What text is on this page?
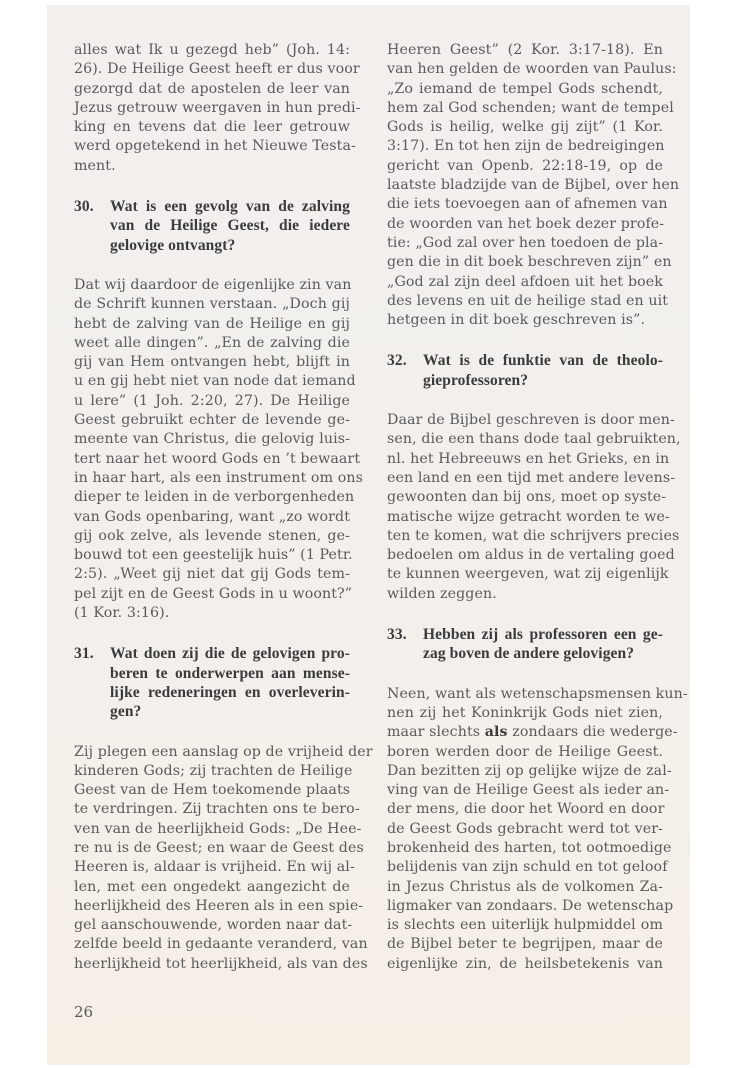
alles wat Ik u gezegd heb” (Joh. 14:
26). De Heilige Geest heeft er dus voor
gezorgd dat de apostelen de leer van
Jezus getrouw weergaven in hun predi-
king en tevens dat die leer getrouw
werd opgetekend in het Nieuwe Testa-
ment.
30.	Wat is een gevolg van de zalving
van de Heilige Geest, die iedere
gelovige ontvangt?
Dat wij daardoor de eigenlijke zin van
de Schrift kunnen verstaan. „Doch gij
hebt de zalving van de Heilige en gij
weet alle dingen”. „En de zalving die
gij van Hem ontvangen hebt, blijft in
u en gij hebt niet van node dat iemand
u lere” (1 Joh. 2:20, 27). De Heilige
Geest gebruikt echter de levende ge-
meente van Christus, die gelovig luis-
tert naar het woord Gods en ’t bewaart
in haar hart, als een instrument om ons
dieper te leiden in de verborgenheden
van Gods openbaring, want „zo wordt
gij ook zelve, als levende stenen, ge-
bouwd tot een geestelijk huis” (1 Petr.
2:5). „Weet gij niet dat gij Gods tem-
pel zijt en de Geest Gods in u woont?”
(1 Kor. 3:16).
31.	Wat doen zij die de gelovigen pro-
beren te onderwerpen aan mense-
lijke redeneringen en overleverin-
gen?
Zij plegen een aanslag op de vrijheid der
kinderen Gods; zij trachten de Heilige
Geest van de Hem toekomende plaats
te verdringen. Zij trachten ons te bero-
ven van de heerlijkheid Gods: „De Hee-
re nu is de Geest; en waar de Geest des
Heeren is, aldaar is vrijheid. En wij al-
len, met een ongedekt aangezicht de
heerlijkheid des Heeren als in een spie-
gel aanschouwende, worden naar dat-
zelfde beeld in gedaante veranderd, van
heerlijkheid tot heerlijkheid, als van des
Heeren Geest” (2 Kor. 3:17-18). En
van hen gelden de woorden van Paulus:
„Zo iemand de tempel Gods schendt,
hem zal God schenden; want de tempel
Gods is heilig, welke gij zijt” (1 Kor.
3:17). En tot hen zijn de bedreigingen
gericht van Openb. 22:18-19, op de
laatste bladzijde van de Bijbel, over hen
die iets toevoegen aan of afnemen van
de woorden van het boek dezer profe-
tie: „God zal over hen toedoen de pla-
gen die in dit boek beschreven zijn” en
„God zal zijn deel afdoen uit het boek
des levens en uit de heilige stad en uit
hetgeen in dit boek geschreven is”.
32.	Wat is de funktie van de theolo-
gieprofessoren?
Daar de Bijbel geschreven is door men-
sen, die een thans dode taal gebruikten,
nl. het Hebreeuws en het Grieks, en in
een land en een tijd met andere levens-
gewoonten dan bij ons, moet op syste-
matische wijze getracht worden te we-
ten te komen, wat die schrijvers precies
bedoelen om aldus in de vertaling goed
te kunnen weergeven, wat zij eigenlijk
wilden zeggen.
33.	Hebben zij als professoren een ge-
zag boven de andere gelovigen?
Neen, want als wetenschapsmensen kun-
nen zij het Koninkrijk Gods niet zien,
maar slechts als zondaars die wederge-
boren werden door de Heilige Geest.
Dan bezitten zij op gelijke wijze de zal-
ving van de Heilige Geest als ieder an-
der mens, die door het Woord en door
de Geest Gods gebracht werd tot ver-
brokenheid des harten, tot ootmoedige
belijdenis van zijn schuld en tot geloof
in Jezus Christus als de volkomen Za-
ligmaker van zondaars. De wetenschap
is slechts een uiterlijk hulpmiddel om
de Bijbel beter te begrijpen, maar de
eigenlijke zin, de heilsbetekenis van
26
